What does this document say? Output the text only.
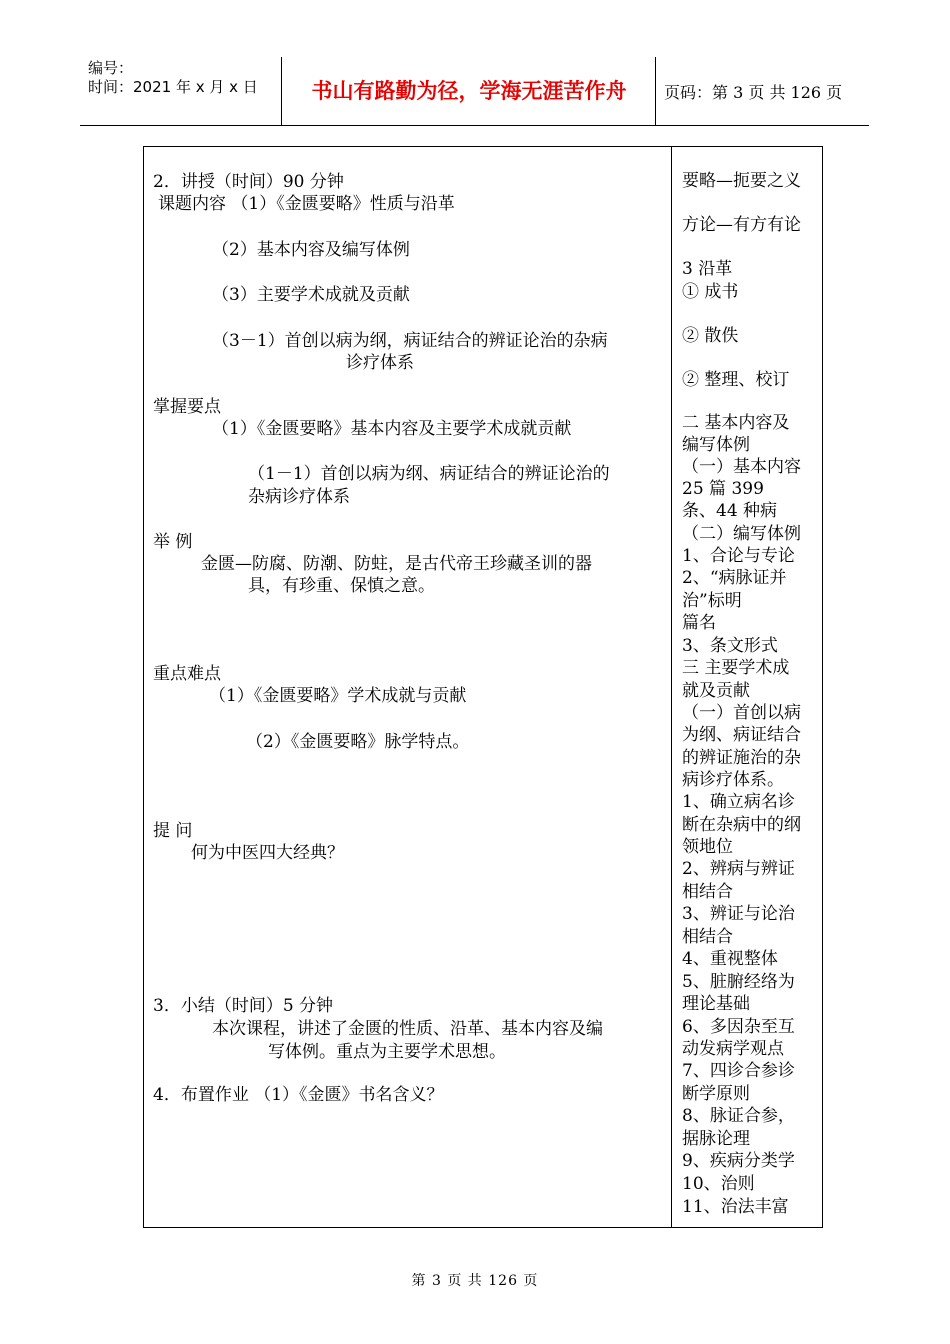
编号：
时间：2021 年 x 月 x 日	书山有路勤为径，学海无涯苦作舟	页码：第 3 页 共 126 页
2．讲授（时间）90 分钟
课题内容 （1）《金匮要略》性质与沿革
（2）基本内容及编写体例
（3）主要学术成就及贡献
（3－1）首创以病为纲，病证结合的辨证论治的杂病
诊疗体系
掌握要点
（1）《金匮要略》基本内容及主要学术成就贡献
（1－1）首创以病为纲、病证结合的辨证论治的
杂病诊疗体系
举 例
金匮—防腐、防潮、防蛀，是古代帝王珍藏圣训的器
具，有珍重、保慎之意。
重点难点
（1）《金匮要略》学术成就与贡献
（2）《金匮要略》脉学特点。
提 问
何为中医四大经典？
3．小结（时间）5 分钟
本次课程，讲述了金匮的性质、沿革、基本内容及编
写体例。重点为主要学术思想。
4．布置作业 （1）《金匮》书名含义？
要略—扼要之义
方论—有方有论
3 沿革
① 成书
② 散佚
② 整理、校订
二 基本内容及
编写体例
（一）基本内容
25 篇 399
条、44 种病
（二）编写体例
1、合论与专论
2、“病脉证并
治”标明
篇名
3、条文形式
三 主要学术成
就及贡献
（一）首创以病
为纲、病证结合
的辨证施治的杂
病诊疗体系。
1、确立病名诊
断在杂病中的纲
领地位
2、辨病与辨证
相结合
3、辨证与论治
相结合
4、重视整体
5、脏腑经络为
理论基础
6、多因杂至互
动发病学观点
7、四诊合参诊
断学原则
8、脉证合参，
据脉论理
9、疾病分类学
10、治则
11、治法丰富
第 3 页 共 126 页
